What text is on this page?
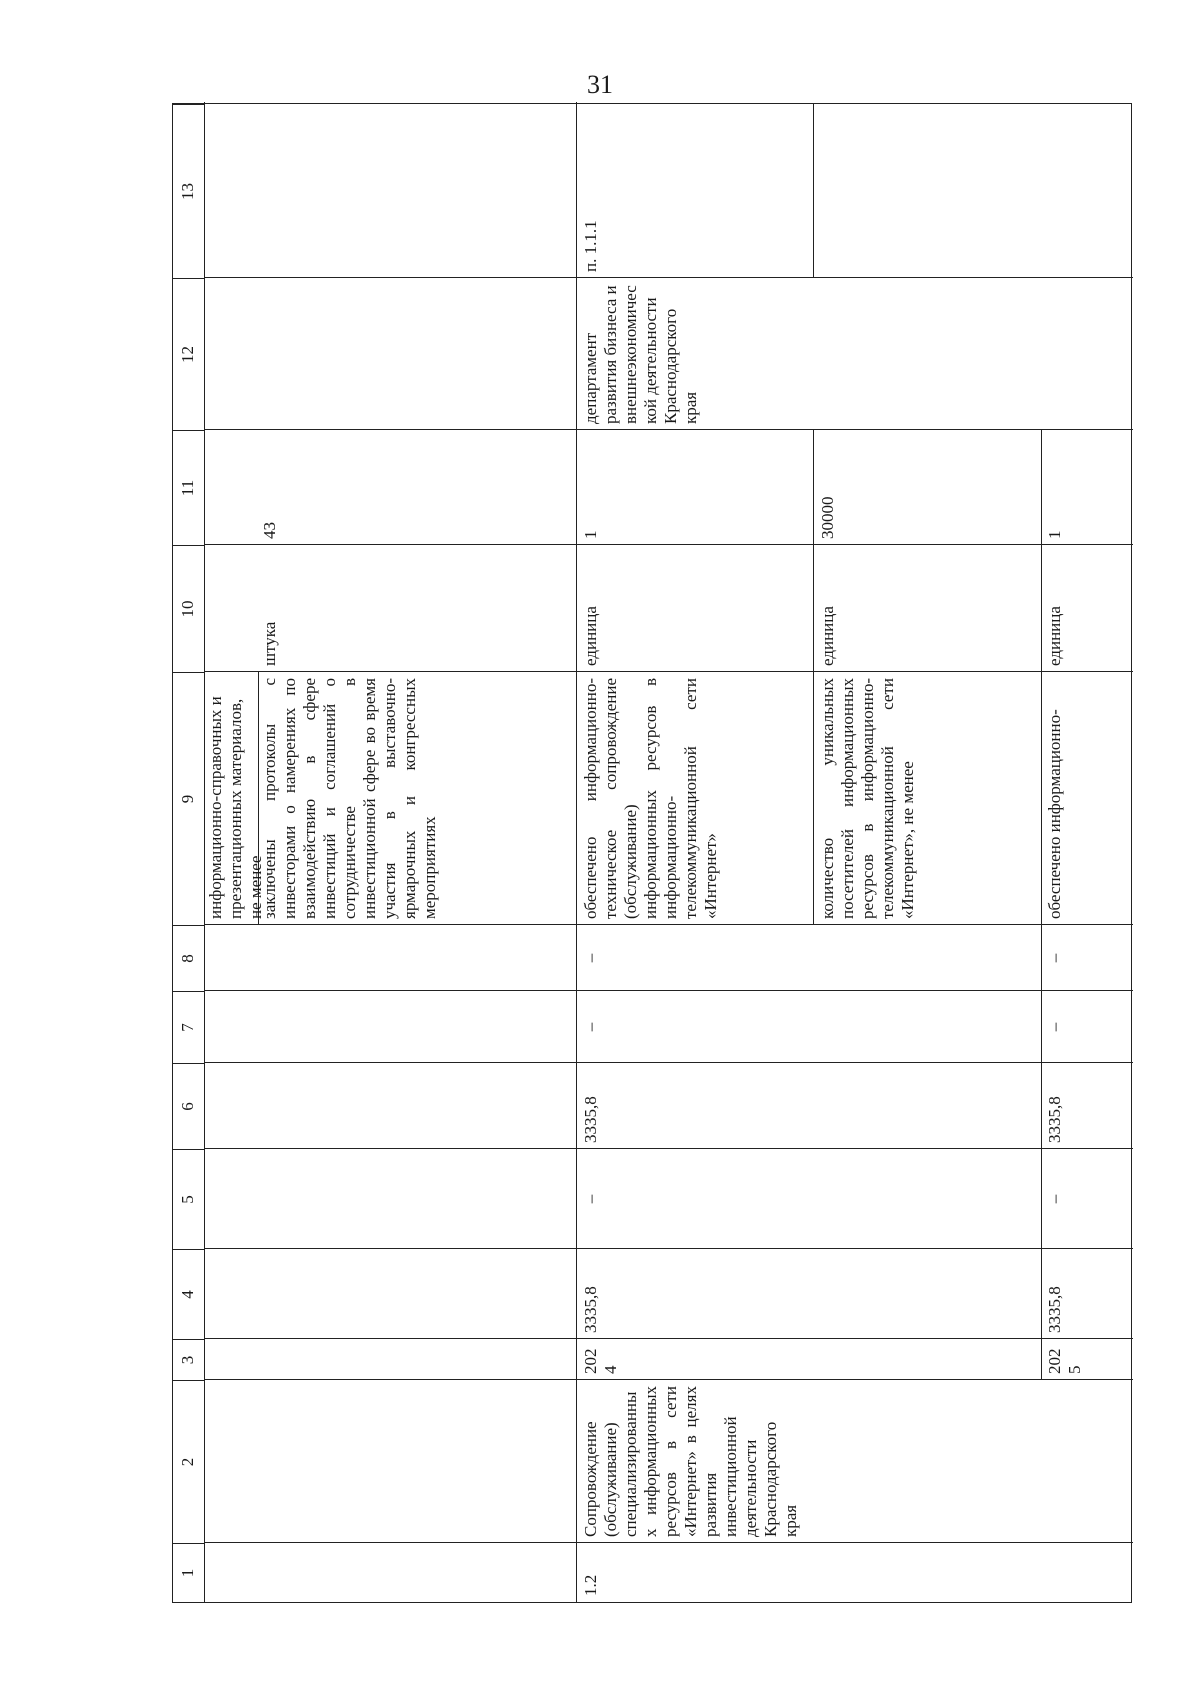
31
1
2
3
4
5
6
7
8
9
10
11
12
13
информационно-справочных и презентационных материалов, не менее
заключены протоколы с инвесторами о намерениях по взаимодействию в сфере инвестиций и соглашений о сотрудничестве в инвестиционной сфере во время участия в выставочно-ярмарочных и конгрессных мероприятиях
штука
43
1.2
Сопровождение (обслуживание) специализированных информационных ресурсов в сети «Интернет» в целях развития инвестиционной деятельности Краснодарского края
2024
3335,8
–
3335,8
–
–
обеспечено информационно-техническое сопровождение (обслуживание) информационных ресурсов в информационно-телекоммуникационной сети «Интернет»
единица
1
департамент развития бизнеса и внешнеэкономической деятельности Краснодарского края
п. 1.1.1
количество уникальных посетителей информационных ресурсов в информационно-телекоммуникационной сети «Интернет», не менее
единица
30000
2025
3335,8
–
3335,8
–
–
обеспечено информационно-
единица
1
